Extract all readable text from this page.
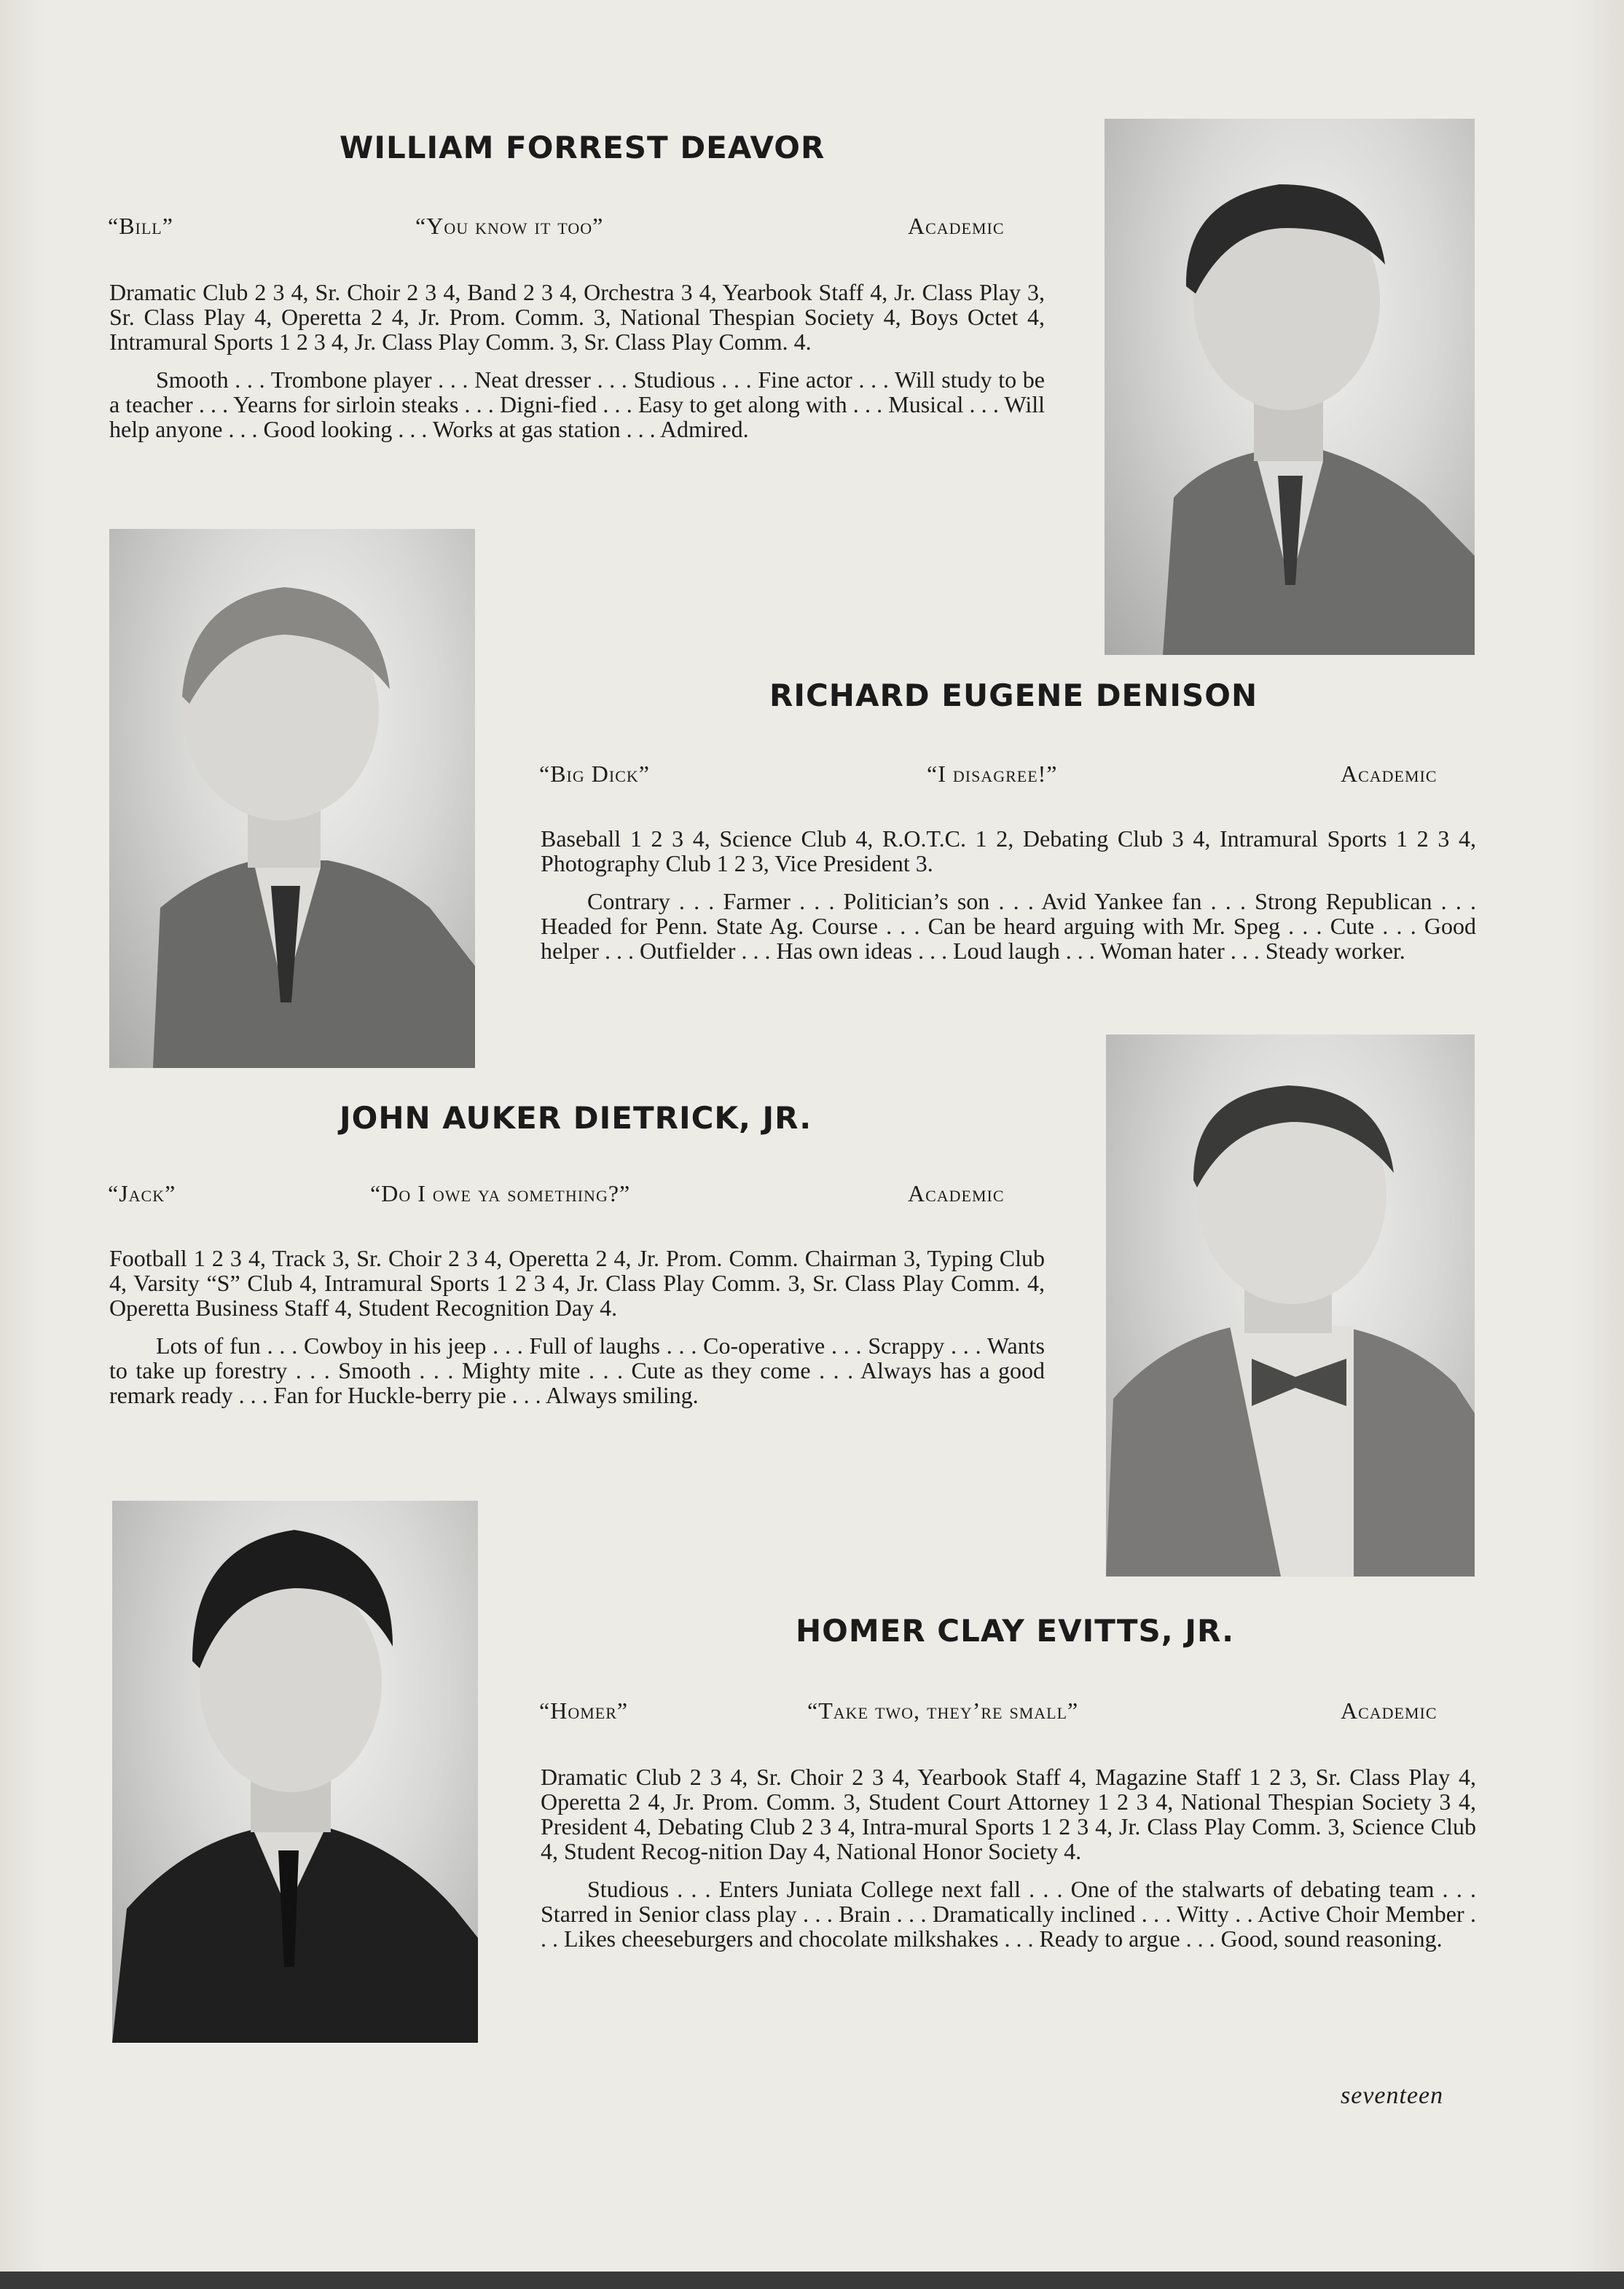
WILLIAM FORREST DEAVOR
“Bill”	“You know it too”	Academic

Dramatic Club 2 3 4, Sr. Choir 2 3 4, Band 2 3 4, Orchestra 3 4, Yearbook Staff 4, Jr. Class Play 3, Sr. Class Play 4, Operetta 2 4, Jr. Prom. Comm. 3, National Thespian Society 4, Boys Octet 4, Intramural Sports 1 2 3 4, Jr. Class Play Comm. 3, Sr. Class Play Comm. 4.

Smooth . . . Trombone player . . . Neat dresser . . . Studious . . . Fine actor . . . Will study to be a teacher . . . Yearns for sirloin steaks . . . Digni-fied . . . Easy to get along with . . . Musical . . . Will help anyone . . . Good looking . . . Works at gas station . . . Admired.

RICHARD EUGENE DENISON
“Big Dick”	“I disagree!”	Academic

Baseball 1 2 3 4, Science Club 4, R.O.T.C. 1 2, Debating Club 3 4, Intramural Sports 1 2 3 4, Photography Club 1 2 3, Vice President 3.

Contrary . . . Farmer . . . Politician’s son . . . Avid Yankee fan . . . Strong Republican . . . Headed for Penn. State Ag. Course . . . Can be heard arguing with Mr. Speg . . . Cute . . . Good helper . . . Outfielder . . . Has own ideas . . . Loud laugh . . . Woman hater . . . Steady worker.

JOHN AUKER DIETRICK, JR.
“Jack”	“Do I owe ya something?”	Academic

Football 1 2 3 4, Track 3, Sr. Choir 2 3 4, Operetta 2 4, Jr. Prom. Comm. Chairman 3, Typing Club 4, Varsity “S” Club 4, Intramural Sports 1 2 3 4, Jr. Class Play Comm. 3, Sr. Class Play Comm. 4, Operetta Business Staff 4, Student Recognition Day 4.

Lots of fun . . . Cowboy in his jeep . . . Full of laughs . . . Co-operative . . . Scrappy . . . Wants to take up forestry . . . Smooth . . . Mighty mite . . . Cute as they come . . . Always has a good remark ready . . . Fan for Huckle-berry pie . . . Always smiling.

HOMER CLAY EVITTS, JR.
“Homer”	“Take two, they’re small”	Academic

Dramatic Club 2 3 4, Sr. Choir 2 3 4, Yearbook Staff 4, Magazine Staff 1 2 3, Sr. Class Play 4, Operetta 2 4, Jr. Prom. Comm. 3, Student Court Attorney 1 2 3 4, National Thespian Society 3 4, President 4, Debating Club 2 3 4, Intra-mural Sports 1 2 3 4, Jr. Class Play Comm. 3, Science Club 4, Student Recog-nition Day 4, National Honor Society 4.

Studious . . . Enters Juniata College next fall . . . One of the stalwarts of debating team . . . Starred in Senior class play . . . Brain . . . Dramatically inclined . . . Witty . . Active Choir Member . . . Likes cheeseburgers and chocolate milkshakes . . . Ready to argue . . . Good, sound reasoning.

seventeen
